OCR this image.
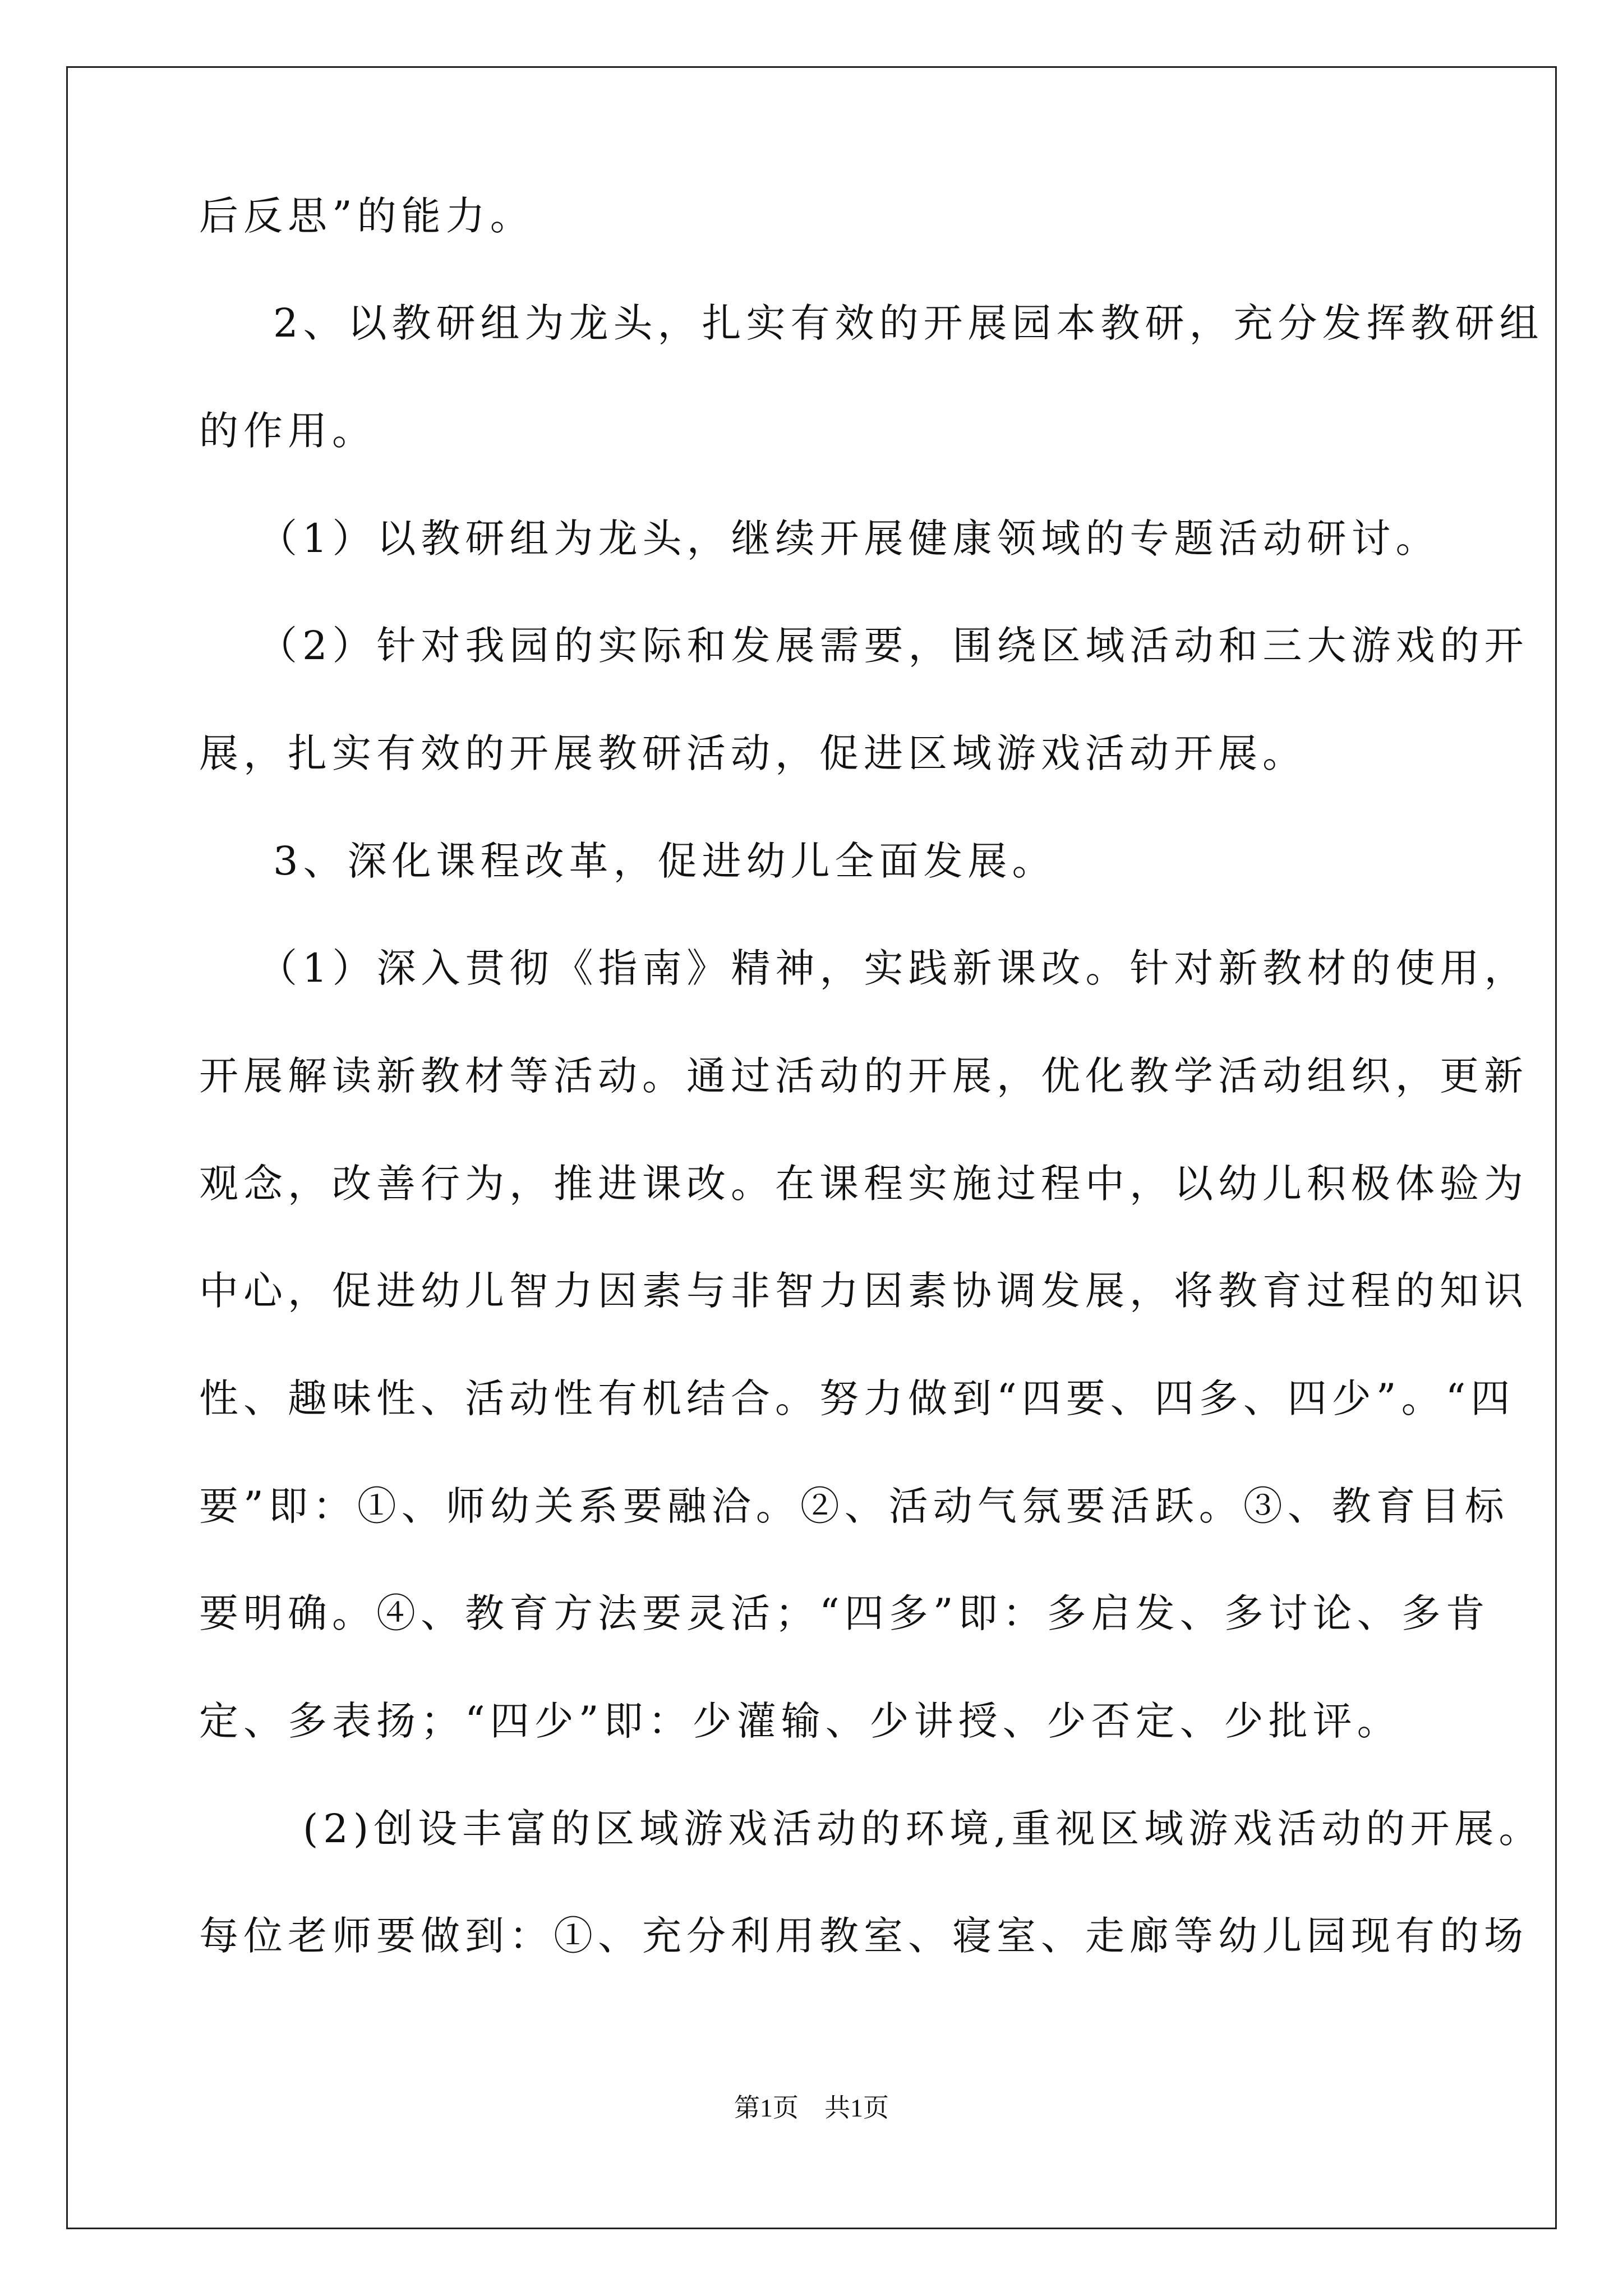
后反思”的能力。
2、以教研组为龙头，扎实有效的开展园本教研，充分发挥教研组
的作用。
（1）以教研组为龙头，继续开展健康领域的专题活动研讨。
（2）针对我园的实际和发展需要，围绕区域活动和三大游戏的开
展，扎实有效的开展教研活动，促进区域游戏活动开展。
3、深化课程改革，促进幼儿全面发展。
（1）深入贯彻《指南》精神，实践新课改。针对新教材的使用，
开展解读新教材等活动。通过活动的开展，优化教学活动组织，更新
观念，改善行为，推进课改。在课程实施过程中，以幼儿积极体验为
中心，促进幼儿智力因素与非智力因素协调发展，将教育过程的知识
性、趣味性、活动性有机结合。努力做到“四要、四多、四少”。“四
要”即：①、师幼关系要融洽。②、活动气氛要活跃。③、教育目标
要明确。④、教育方法要灵活；“四多”即：多启发、多讨论、多肯
定、多表扬；“四少”即：少灌输、少讲授、少否定、少批评。
(2)创设丰富的区域游戏活动的环境,重视区域游戏活动的开展。
每位老师要做到：①、充分利用教室、寝室、走廊等幼儿园现有的场
第1页　共1页
